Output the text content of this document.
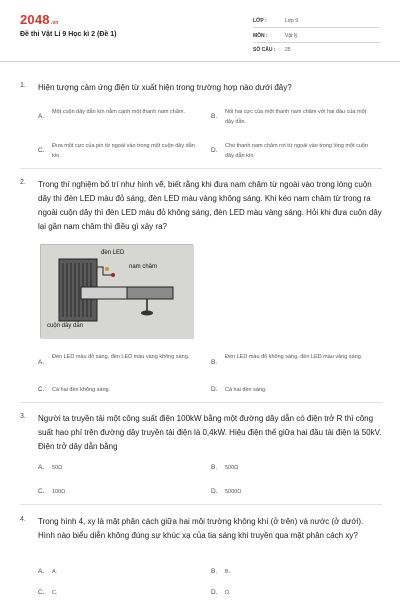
2048.vn
Đề thi Vật Lí 9 Học kì 2 (Đề 1)
LỚP :	Lớp 9
MÔN :	Vật lý
SỐ CÂU : 25
1. Hiện tượng cảm ứng điện từ xuất hiện trong trường hợp nào dưới đây?
A.
Một cuộn dây dẫn kín nằm cạnh một thanh nam châm.
B.
Nối hai cực của một thanh nam châm với hai đầu của một dây dẫn.
C.
Đưa một cực của pin từ ngoài vào trong một cuộn dây dẫn kín.
D.
Cho thanh nam châm rơi từ ngoài vào trong lòng một cuộn dây dẫn kín.
2. Trong thí nghiệm bố trí như hình vẽ, biết rằng khi đưa nam châm từ ngoài vào trong lòng cuộn dây thì đèn LED màu đỏ sáng, đèn LED màu vàng không sáng. Khi kéo nam châm từ trong ra ngoài cuộn dây thì đèn LED màu đỏ không sáng, đèn LED màu vàng sáng. Hỏi khi đưa cuộn dây lại gần nam châm thì điều gì xảy ra?
đèn LED
nam châm
cuộn dây dẫn
A.
Đèn LED màu đỏ sáng, đèn LED màu vàng không sáng.
B.
Đèn LED màu đỏ không sáng, đèn LED màu vàng sáng.
C. Cả hai đèn không sáng.	D. Cả hai đèn sáng.
3. Người ta truyền tải một công suất điện 100kW bằng một đường dây dẫn có điện trở R thì công suất hao phí trên đường dây truyền tải điện là 0,4kW. Hiệu điện thế giữa hai đầu tải điện là 50kV. Điện trở dây dẫn bằng
A. 50Ω	B. 500Ω
C. 100Ω	D. 5000Ω
4. Trong hình 4, xy là mặt phân cách giữa hai môi trường không khí (ở trên) và nước (ở dưới). Hình nào biểu diễn không đúng sự khúc xạ của tia sáng khi truyền qua mặt phân cách xy?
A. A.	B. B.
C. C.	D. D.
